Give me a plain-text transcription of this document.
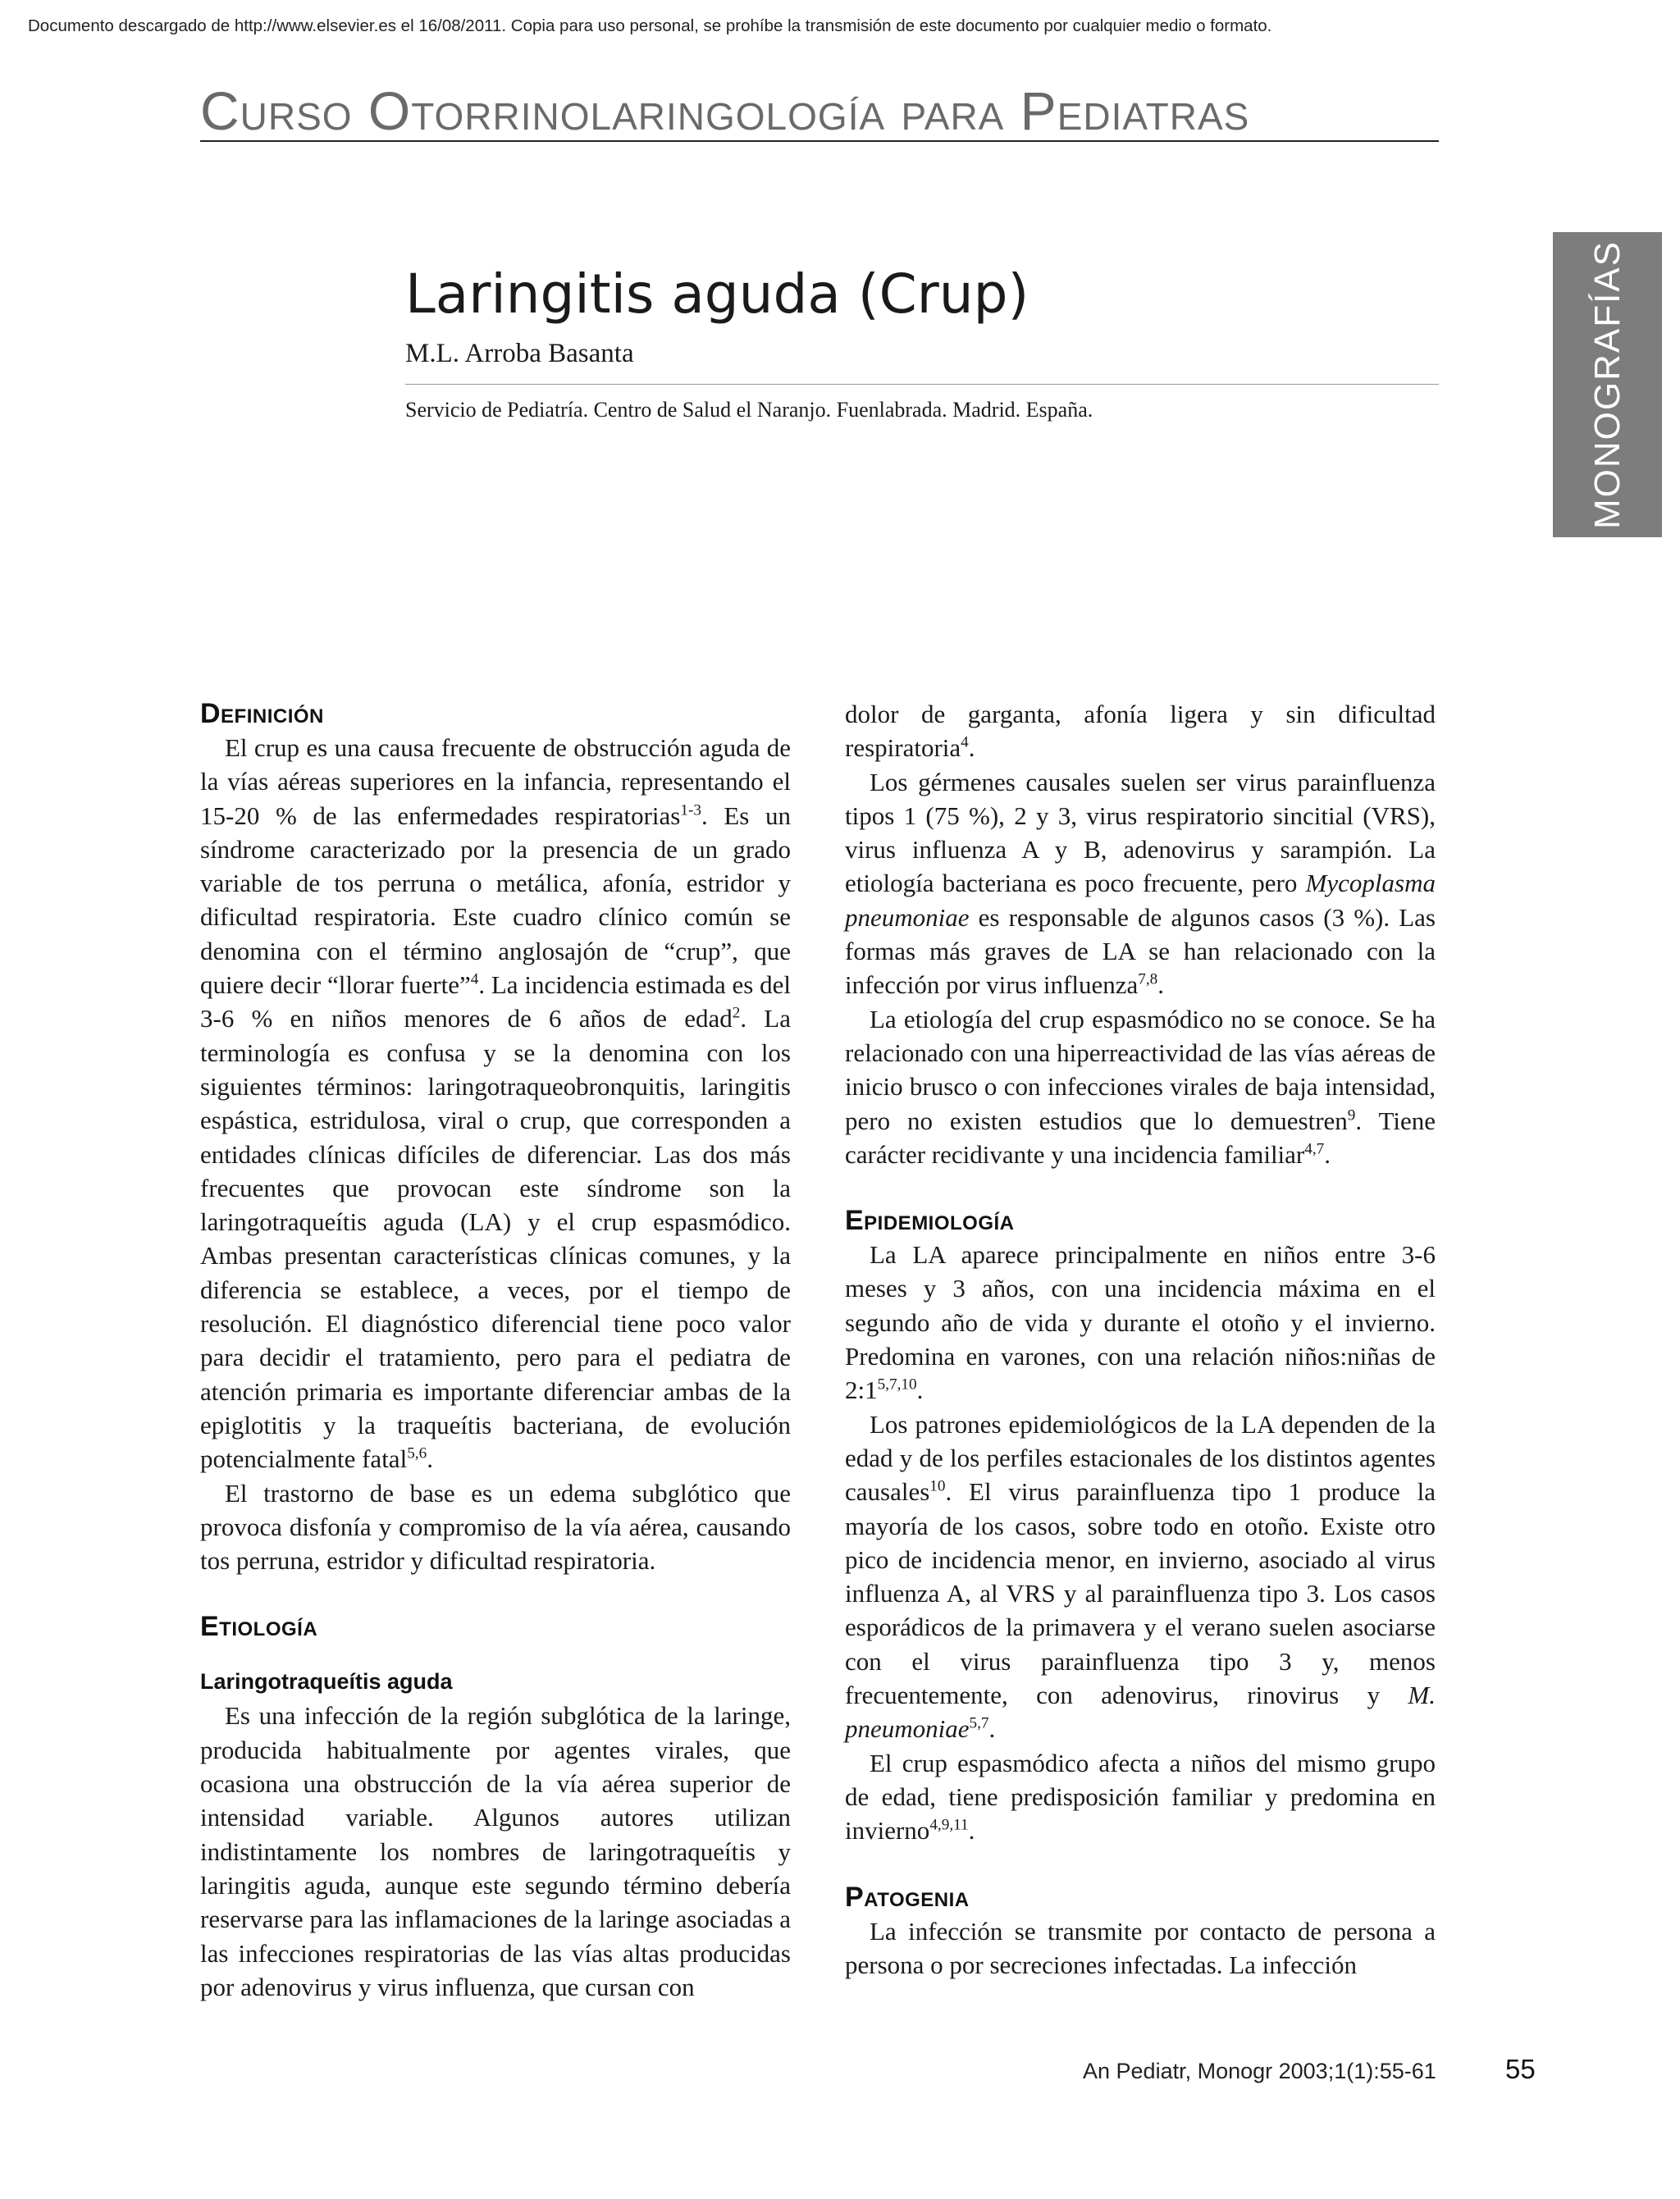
Documento descargado de http://www.elsevier.es el 16/08/2011. Copia para uso personal, se prohíbe la transmisión de este documento por cualquier medio o formato.
Curso Otorrinolaringología para Pediatras
MONOGRAFÍAS
Laringitis aguda (Crup)
M.L. Arroba Basanta
Servicio de Pediatría. Centro de Salud el Naranjo. Fuenlabrada. Madrid. España.
Definición

El crup es una causa frecuente de obstrucción aguda de la vías aéreas superiores en la infancia, representando el 15-20 % de las enfermedades respiratorias$^{1-3}$. Es un síndrome caracterizado por la presencia de un grado variable de tos perruna o metálica, afonía, estridor y dificultad respiratoria. Este cuadro clínico común se denomina con el término anglosajón de “crup”, que quiere decir “llorar fuerte”$^4$. La incidencia estimada es del 3-6 % en niños menores de 6 años de edad$^2$. La terminología es confusa y se la denomina con los siguientes términos: laringotraqueobronquitis, laringitis espástica, estridulosa, viral o crup, que corresponden a entidades clínicas difíciles de diferenciar. Las dos más frecuentes que provocan este síndrome son la laringotraqueítis aguda (LA) y el crup espasmódico. Ambas presentan características clínicas comunes, y la diferencia se establece, a veces, por el tiempo de resolución. El diagnóstico diferencial tiene poco valor para decidir el tratamiento, pero para el pediatra de atención primaria es importante diferenciar ambas de la epiglotitis y la traqueítis bacteriana, de evolución potencialmente fatal$^{5,6}$.

El trastorno de base es un edema subglótico que provoca disfonía y compromiso de la vía aérea, causando tos perruna, estridor y dificultad respiratoria.

Etiología
Laringotraqueítis aguda

Es una infección de la región subglótica de la laringe, producida habitualmente por agentes virales, que ocasiona una obstrucción de la vía aérea superior de intensidad variable. Algunos autores utilizan indistintamente los nombres de laringotraqueítis y laringitis aguda, aunque este segundo término debería reservarse para las inflamaciones de la laringe asociadas a las infecciones respiratorias de las vías altas producidas por adenovirus y virus influenza, que cursan con

dolor de garganta, afonía ligera y sin dificultad respiratoria$^4$.

Los gérmenes causales suelen ser virus parainfluenza tipos 1 (75 %), 2 y 3, virus respiratorio sincitial (VRS), virus influenza A y B, adenovirus y sarampión. La etiología bacteriana es poco frecuente, pero Mycoplasma pneumoniae es responsable de algunos casos (3 %). Las formas más graves de LA se han relacionado con la infección por virus influenza$^{7,8}$.

La etiología del crup espasmódico no se conoce. Se ha relacionado con una hiperreactividad de las vías aéreas de inicio brusco o con infecciones virales de baja intensidad, pero no existen estudios que lo demuestren$^9$. Tiene carácter recidivante y una incidencia familiar$^{4,7}$.

Epidemiología

La LA aparece principalmente en niños entre 3-6 meses y 3 años, con una incidencia máxima en el segundo año de vida y durante el otoño y el invierno. Predomina en varones, con una relación niños:niñas de 2:1$^{5,7,10}$.

Los patrones epidemiológicos de la LA dependen de la edad y de los perfiles estacionales de los distintos agentes causales$^{10}$. El virus parainfluenza tipo 1 produce la mayoría de los casos, sobre todo en otoño. Existe otro pico de incidencia menor, en invierno, asociado al virus influenza A, al VRS y al parainfluenza tipo 3. Los casos esporádicos de la primavera y el verano suelen asociarse con el virus parainfluenza tipo 3 y, menos frecuentemente, con adenovirus, rinovirus y M. pneumoniae$^{5,7}$.

El crup espasmódico afecta a niños del mismo grupo de edad, tiene predisposición familiar y predomina en invierno$^{4,9,11}$.

Patogenia

La infección se transmite por contacto de persona a persona o por secreciones infectadas. La infección

An Pediatr, Monogr 2003;1(1):55-61	55
